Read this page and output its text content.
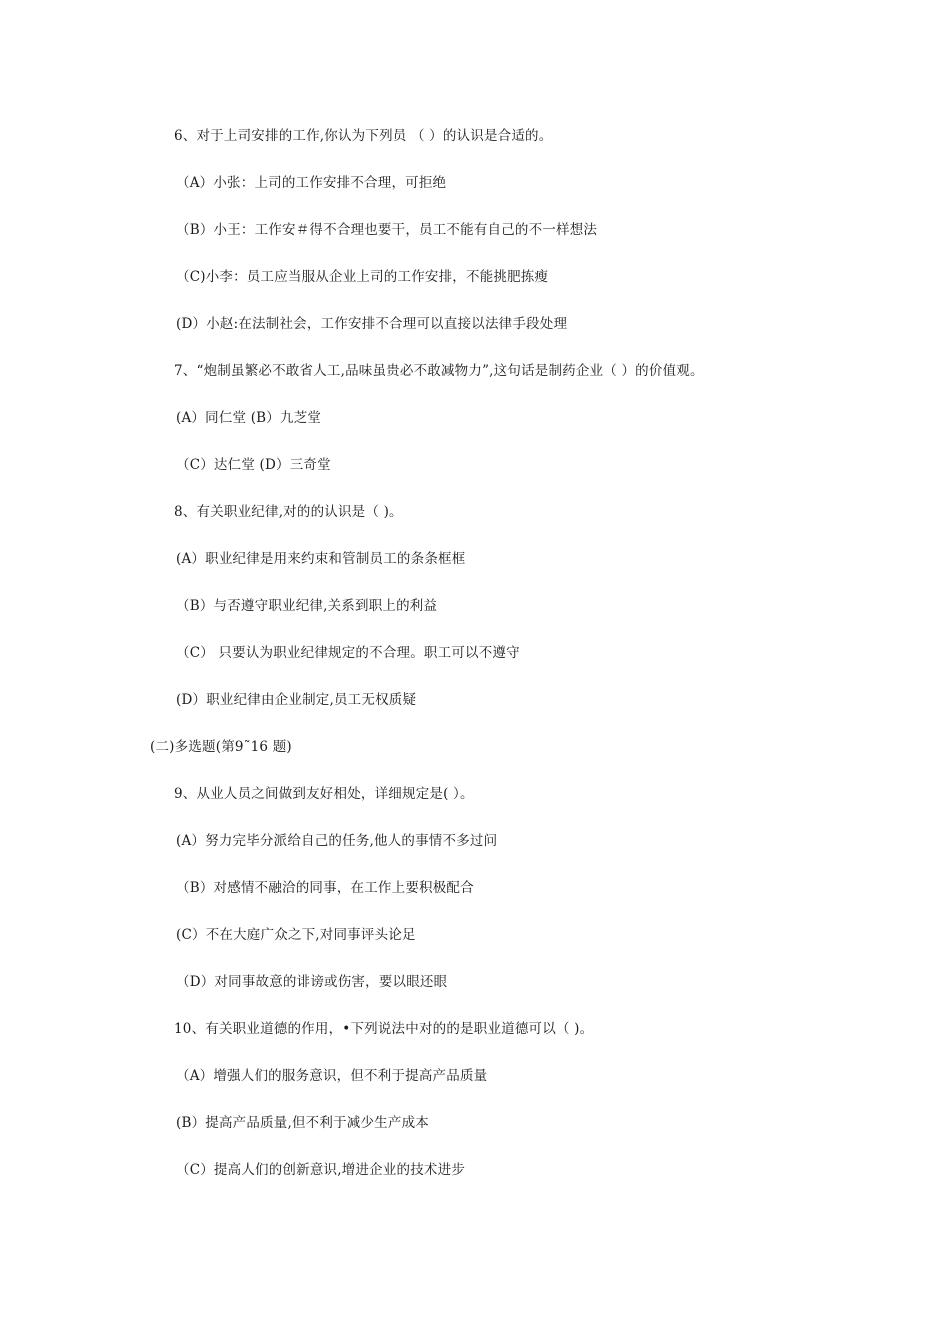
6、对于上司安排的工作,你认为下列员 （ ）的认识是合适的。
（A）小张：上司的工作安排不合理，可拒绝
（B）小王：工作安＃得不合理也要干，员工不能有自己的不一样想法
（C)小李：员工应当服从企业上司的工作安排，不能挑肥拣瘦
(D）小赵:在法制社会，工作安排不合理可以直接以法律手段处理
7、“炮制虽繁必不敢省人工,品味虽贵必不敢减物力”,这句话是制药企业（ ）的价值观。
(A）同仁堂 (B）九芝堂
（C）达仁堂 (D）三奇堂
8、有关职业纪律,对的的认识是（ )。
(A）职业纪律是用来约束和管制员工的条条框框
（B）与否遵守职业纪律,关系到职上的利益
（C） 只要认为职业纪律规定的不合理。职工可以不遵守
(D）职业纪律由企业制定,员工无权质疑
(二)多选题(第9˜16 题)
9、从业人员之间做到友好相处，详细规定是( ）。
(A）努力完毕分派给自己的任务,他人的事情不多过问
（B）对感情不融洽的同事，在工作上要积极配合
(C）不在大庭广众之下,对同事评头论足
（D）对同事故意的诽谤或伤害，要以眼还眼
10、有关职业道德的作用，•下列说法中对的的是职业道德可以（ )。
（A）增强人们的服务意识，但不利于提高产品质量
(B）提高产品质量,但不利于减少生产成本
（C）提高人们的创新意识,增进企业的技术进步
